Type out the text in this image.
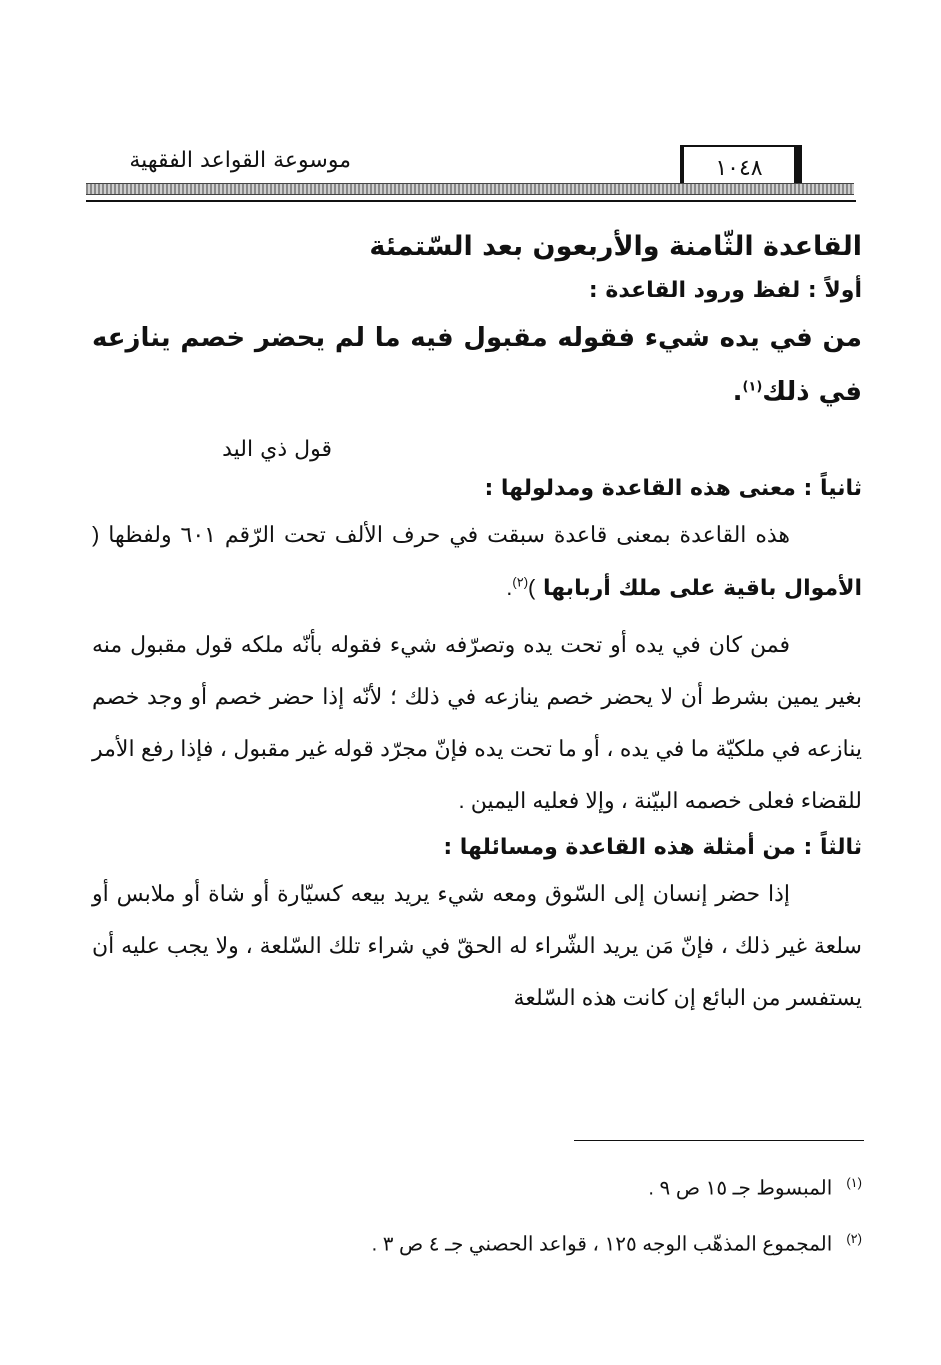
١٠٤٨
موسوعة القواعد الفقهية
القاعدة الثّامنة والأربعون بعد السّتمئة
أولاً : لفظ ورود القاعدة :
من في يده شيء فقوله مقبول فيه ما لم يحضر خصم ينازعه في ذلك$^{(١)}$.
قول ذي اليد
ثانياً : معنى هذه القاعدة ومدلولها :

هذه القاعدة بمعنى قاعدة سبقت في حرف الألف تحت الرّقم ٦٠١ ولفظها ( الأموال باقية على ملك أربابها )$^{(٢)}$.

فمن كان في يده أو تحت يده وتصرّفه شيء فقوله بأنّه ملكه قول مقبول منه بغير يمين بشرط أن لا يحضر خصم ينازعه في ذلك ؛ لأنّه إذا حضر خصم أو وجد خصم ينازعه في ملكيّة ما في يده ، أو ما تحت يده فإنّ مجرّد قوله غير مقبول ، فإذا رفع الأمر للقضاء فعلى خصمه البيّنة ، وإلا فعليه اليمين .

ثالثاً : من أمثلة هذه القاعدة ومسائلها :

إذا حضر إنسان إلى السّوق ومعه شيء يريد بيعه كسيّارة أو شاة أو ملابس أو سلعة غير ذلك ، فإنّ مَن يريد الشّراء له الحقّ في شراء تلك السّلعة ، ولا يجب عليه أن يستفسر من البائع إن كانت هذه السّلعة

$^{(١)}$المبسوط جـ ١٥ ص ٩ .
$^{(٢)}$المجموع المذهّب الوجه ١٢٥ ، قواعد الحصني جـ ٤ ص ٣ .
